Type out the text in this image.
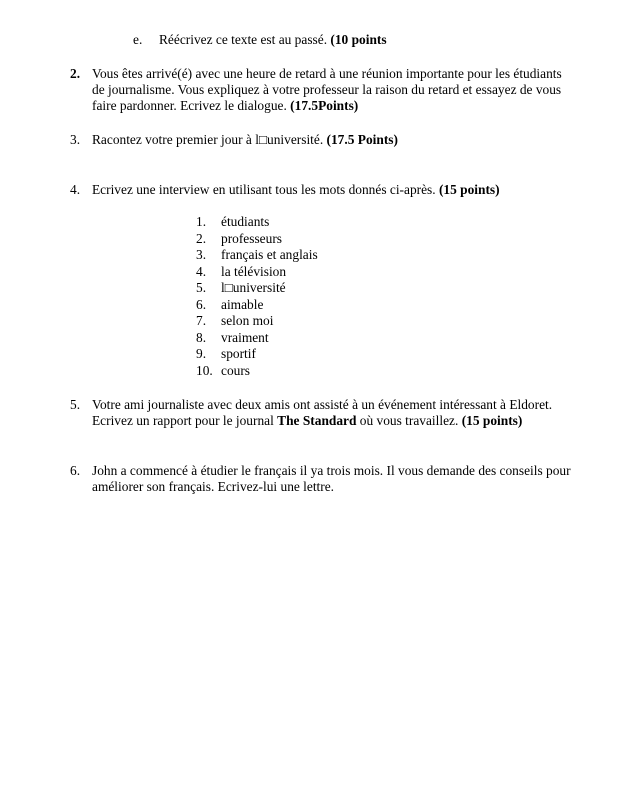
e. Réécrivez ce texte est au passé. (10 points
2. Vous êtes arrivé(é) avec une heure de retard à une réunion importante pour les étudiants
de journalisme. Vous expliquez à votre professeur la raison du retard et essayez de vous
faire pardonner. Ecrivez le dialogue. (17.5Points)
3. Racontez votre premier jour à l□université. (17.5 Points)
4. Ecrivez une interview en utilisant tous les mots donnés ci-après. (15 points)
1. étudiants
2. professeurs
3. français et anglais
4. la télévision
5. l□université
6. aimable
7. selon moi
8. vraiment
9. sportif
10. cours
5. Votre ami journaliste avec deux amis ont assisté à un événement intéressant à Eldoret.
Ecrivez un rapport pour le journal The Standard où vous travaillez. (15 points)
6. John a commencé à étudier le français il ya trois mois. Il vous demande des conseils pour
améliorer son français. Ecrivez-lui une lettre.
